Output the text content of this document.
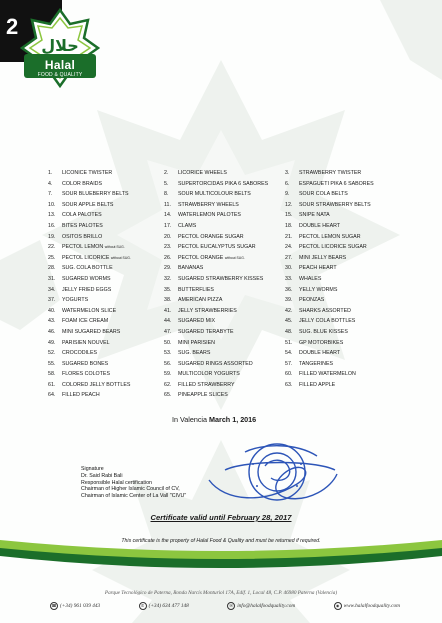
2
حلال
Halal
FOOD & QUALITY
1. LICONICE TWISTER	2. LICORICE WHEELS	3. STRAWBERRY TWISTER
4. COLOR BRAIDS	5. SUPERTORCIDAS PIKA 6 SABORES	6. ESPAGUETI PIKA 6 SABORES
7. SOUR BLUEBERRY BELTS	8. SOUR MULTICOLOUR BELTS	9. SOUR COLA BELTS
10. SOUR APPLE BELTS	11. STRAWBERRY WHEELS	12. SOUR STRAWBERRY BELTS
13. COLA PALOTES	14. WATERLEMON PALOTES	15. SNIPE NATA
16. BITES PALOTES	17. CLAMS	18. DOUBLE HEART
19. OSITOS BRILLO	20. PECTOL ORANGE SUGAR	21. PECTOL LEMON SUGAR
22. PECTOL LEMON without SUG.	23. PECTOL EUCALYPTUS SUGAR	24. PECTOL LICORICE SUGAR
25. PECTOL LICORICE without SUG.	26. PECTOL ORANGE without SUG.	27. MINI JELLY BEARS
28. SUG. COLA BOTTLE	29. BANANAS	30. PEACH HEART
31. SUGARED WORMS	32. SUGARED STRAWBERRY KISSES	33. WHALES
34. JELLY FRIED EGGS	35. BUTTERFLIES	36. YELLY WORMS
37. YOGURTS	38. AMERICAN PIZZA	39. PEONZAS
40. WATERMELON SLICE	41. JELLY STRAWBERRIES	42. SHARKS ASSORTED
43. FOAM ICE CREAM	44. SUGARED MIX	45. JELLY COLA BOTTLES
46. MINI SUGARED BEARS	47. SUGARED TERABYTE	48. SUG. BLUE KISSES
49. PARISIEN NOUVEL	50. MINI PARISIEN	51. GP MOTORBIKES
52. CROCODILES	53. SUG. BEARS	54. DOUBLE HEART
55. SUGARED BONES	56. SUGARED RINGS ASSORTED	57. TANGERINES
58. FLORES COLOTES	59. MULTICOLOR YOGURTS	60. FILLED WATERMELON
61. COLORED JELLY BOTTLES	62. FILLED STRAWBERRY	63. FILLED APPLE
64. FILLED PEACH	65. PINEAPPLE SLICES
In Valencia March 1, 2016
Signature
Dr. Said Rabi Bali
Responsible Halal certification
Chairman of Higher Islamic Council of CV,
Chairman of Islamic Center of La Vall "CIVU"
Certificate valid until February 28, 2017
This certificate is the property of Halal Food & Quality and must be returned if required.
Parque Tecnológico de Paterna, Ronda Narcís Monturiol 17A, Edif. 1, Local 48, C.P. 46980 Paterna (Valencia)
☎ (+34) 961 039 443	✆ (+34) 634 477 148	✉ info@halalfoodquality.com	◉ www.halalfoodquality.com
